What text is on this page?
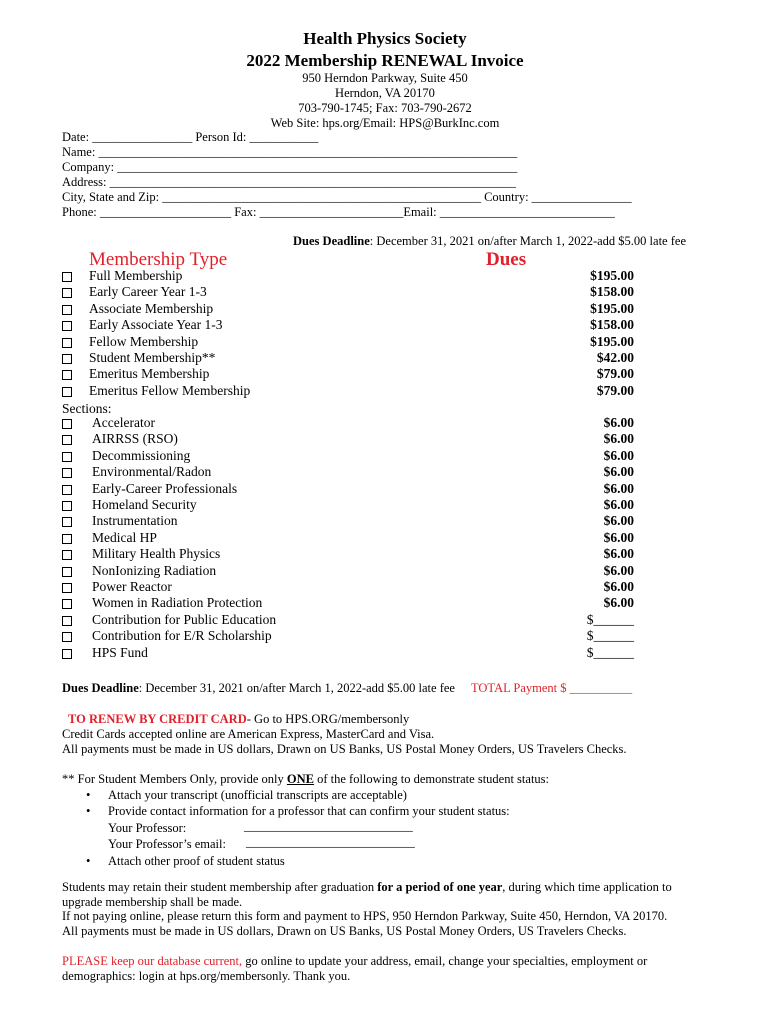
Health Physics Society
2022 Membership RENEWAL Invoice
950 Herndon Parkway, Suite 450
Herndon, VA 20170
703-790-1745; Fax: 703-790-2672
Web Site: hps.org/Email: HPS@BurkInc.com
Date: ________________ Person Id: ___________
Name: ___________________________________________________________________
Company: ________________________________________________________________
Address: _________________________________________________________________
City, State and Zip: ___________________________________________________ Country: ________________
Phone: _____________________ Fax: _______________________Email: ____________________________
Dues Deadline: December 31, 2021 on/after March 1, 2022-add $5.00 late fee
Membership Type	Dues
Full Membership	$195.00
Early Career Year 1-3	$158.00
Associate Membership	$195.00
Early Associate Year 1-3	$158.00
Fellow Membership	$195.00
Student Membership**	$42.00
Emeritus Membership	$79.00
Emeritus Fellow Membership	$79.00
Sections:
Accelerator	$6.00
AIRRSS (RSO)	$6.00
Decommissioning	$6.00
Environmental/Radon	$6.00
Early-Career Professionals	$6.00
Homeland Security	$6.00
Instrumentation	$6.00
Medical HP	$6.00
Military Health Physics	$6.00
NonIonizing Radiation	$6.00
Power Reactor	$6.00
Women in Radiation Protection	$6.00
Contribution for Public Education	$______
Contribution for E/R Scholarship	$______
HPS Fund	$______
Dues Deadline: December 31, 2021 on/after March 1, 2022-add $5.00 late fee TOTAL Payment $ __________
TO RENEW BY CREDIT CARD- Go to HPS.ORG/membersonly
Credit Cards accepted online are American Express, MasterCard and Visa.
All payments must be made in US dollars, Drawn on US Banks, US Postal Money Orders, US Travelers Checks.
** For Student Members Only, provide only ONE of the following to demonstrate student status:
• Attach your transcript (unofficial transcripts are acceptable)
• Provide contact information for a professor that can confirm your student status:
Your Professor:	___________________________
Your Professor’s email: ___________________________
• Attach other proof of student status
Students may retain their student membership after graduation for a period of one year, during which time application to
upgrade membership shall be made.
If not paying online, please return this form and payment to HPS, 950 Herndon Parkway, Suite 450, Herndon, VA 20170.
All payments must be made in US dollars, Drawn on US Banks, US Postal Money Orders, US Travelers Checks.
PLEASE keep our database current, go online to update your address, email, change your specialties, employment or
demographics: login at hps.org/membersonly. Thank you.
